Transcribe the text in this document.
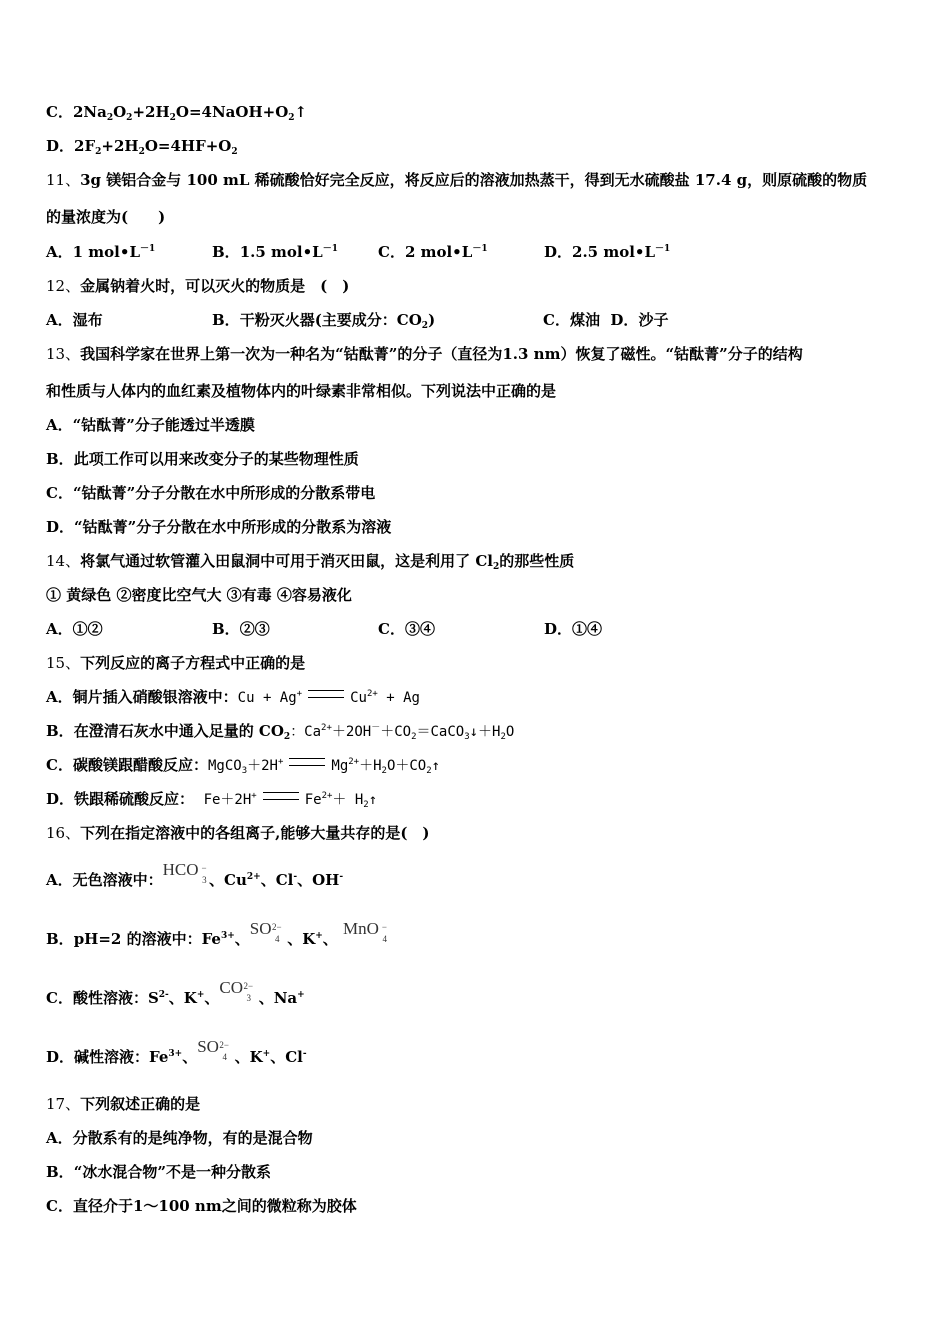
C．$2Na_2O_2+2H_2O=4NaOH+O_2↑$
D．$2F_2+2H_2O=4HF+O_2$
11、3g 镁铝合金与 100 mL 稀硫酸恰好完全反应，将反应后的溶液加热蒸干，得到无水硫酸盐 17.4 g，则原硫酸的物质
的量浓度为(　　)
A．1 $mol•L^{-1}$	B．1.5 $mol•L^{-1}$	C．2 $mol•L^{-1}$	D．2.5 $mol•L^{-1}$
12、金属钠着火时，可以灭火的物质是　(　)
A．湿布	B．干粉灭火器(主要成分：$CO_2$)	C．煤油 D．沙子
13、我国科学家在世界上第一次为一种名为“钴酞菁”的分子（直径为1.3 nm）恢复了磁性。“钴酞菁”分子的结构
和性质与人体内的血红素及植物体内的叶绿素非常相似。下列说法中正确的是
A．“钴酞菁”分子能透过半透膜
B．此项工作可以用来改变分子的某些物理性质
C．“钴酞菁”分子分散在水中所形成的分散系带电
D．“钴酞菁”分子分散在水中所形成的分散系为溶液
14、将氯气通过软管灌入田鼠洞中可用于消灭田鼠，这是利用了 $Cl_2$的那些性质
① 黄绿色 ②密度比空气大 ③有毒 ④容易液化
A．①②	B．②③	C．③④	D．①④
15、下列反应的离子方程式中正确的是
A．铜片插入硝酸银溶液中：Cu + Ag+	$Cu^{2+} + Ag$
B．在澄清石灰水中通入足量的 $CO_2$：$Ca^{2+}+2OH^-+CO_2=CaCO_3↓+H_2O$
C．碳酸镁跟醋酸反应：MgCO$_3$＋2H+	$Mg^{2+}+H_2O+CO_2↑$
D．铁跟稀硫酸反应： Fe＋2H+	$Fe^{2+}+$ $H_2↑$
16、下列在指定溶液中的各组离子,能够大量共存的是(　)
A．无色溶液中：HCO −
3 、$Cu^{2+}$、Cl-、OH-
B．pH=2 的溶液中：$Fe^{3+}$、SO 2−
4 、K+、 MnO −
4
C．酸性溶液：$S^{2-}$、K+、CO 2−
3 、Na+
D．碱性溶液：$Fe^{3+}$、SO 2−
4 、K+、Cl-
17、下列叙述正确的是
A．分散系有的是纯净物，有的是混合物
B．“冰水混合物”不是一种分散系
C．直径介于1～100 nm之间的微粒称为胶体
